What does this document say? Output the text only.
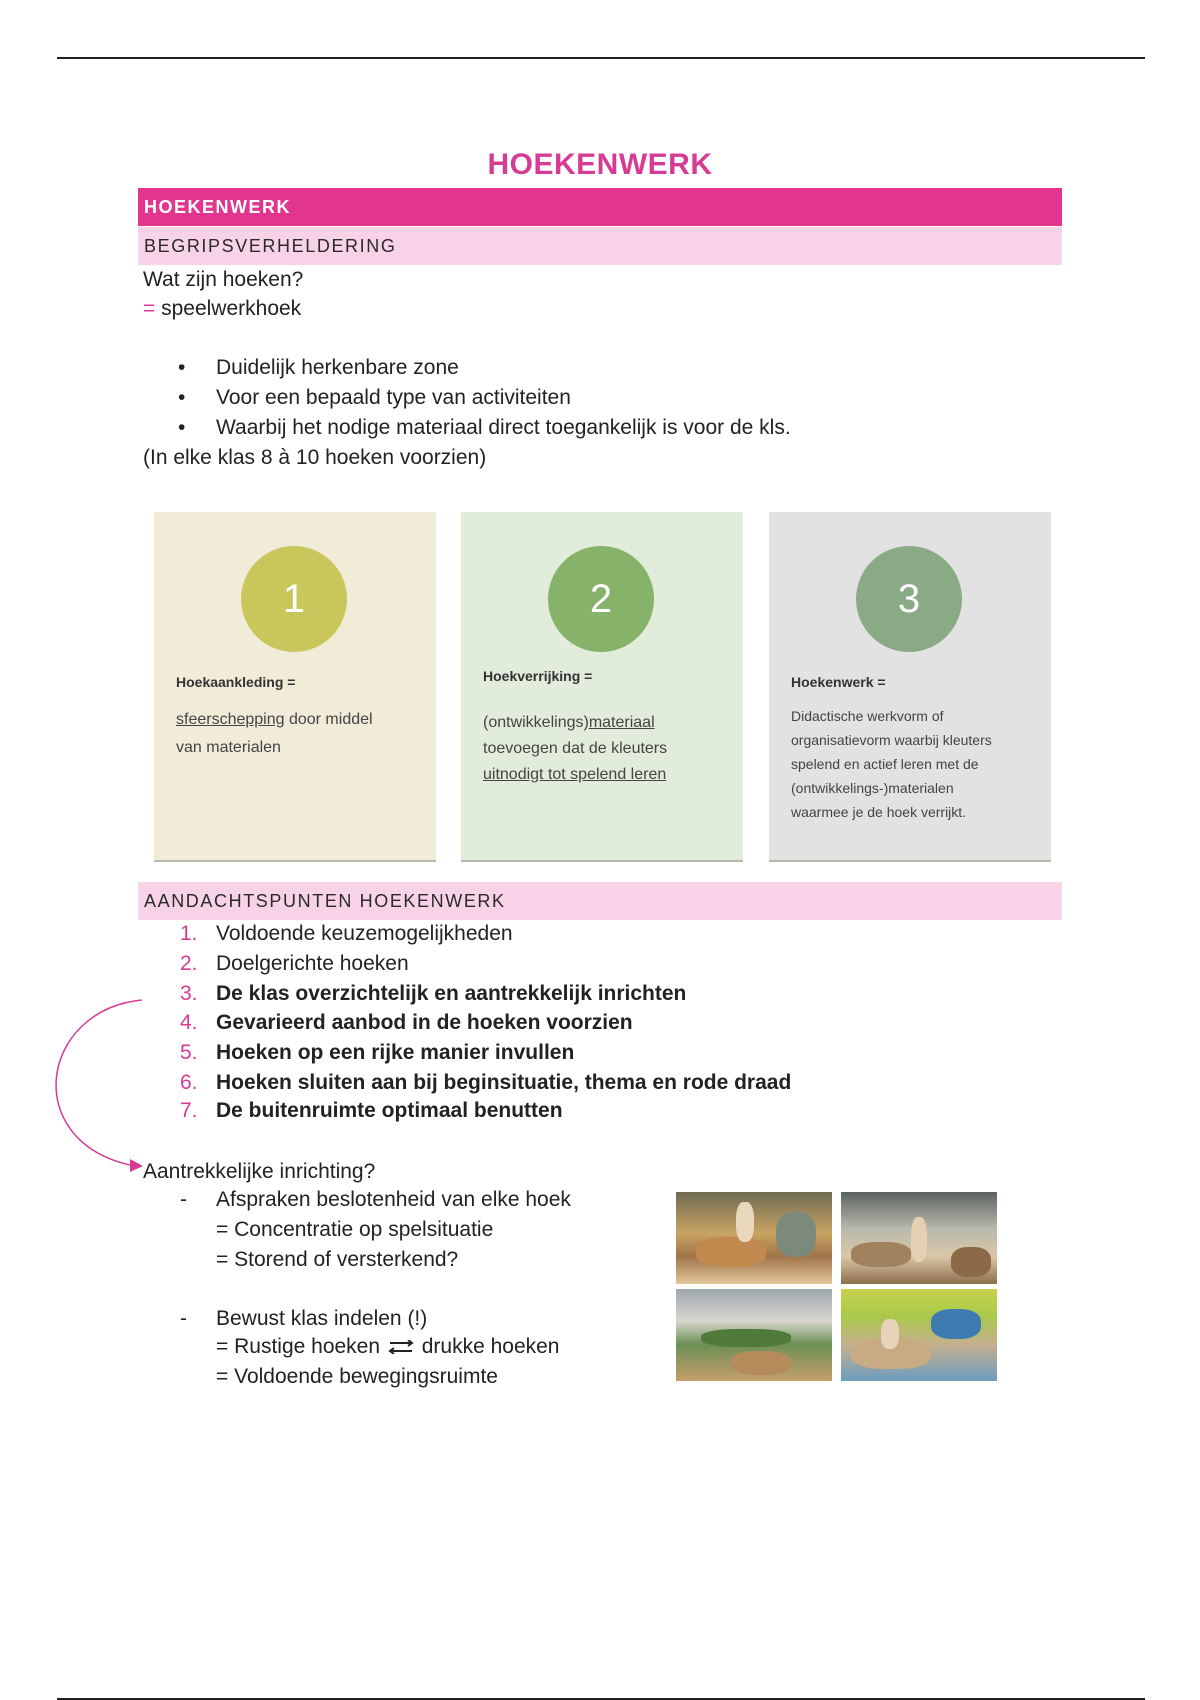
HOEKENWERK
HOEKENWERK
BEGRIPSVERHELDERING
Wat zijn hoeken?
= speelwerkhoek
• Duidelijk herkenbare zone
• Voor een bepaald type van activiteiten
• Waarbij het nodige materiaal direct toegankelijk is voor de kls.
(In elke klas 8 à 10 hoeken voorzien)
1
Hoekaankleding =
sfeerschepping door middel
van materialen
2
Hoekverrijking =
(ontwikkelings)materiaal
toevoegen dat de kleuters
uitnodigt tot spelend leren
3
Hoekenwerk =
Didactische werkvorm of
organisatievorm waarbij kleuters
spelend en actief leren met de
(ontwikkelings-)materialen
waarmee je de hoek verrijkt.
AANDACHTSPUNTEN HOEKENWERK
1. Voldoende keuzemogelijkheden
2. Doelgerichte hoeken
3. De klas overzichtelijk en aantrekkelijk inrichten
4. Gevarieerd aanbod in de hoeken voorzien
5. Hoeken op een rijke manier invullen
6. Hoeken sluiten aan bij beginsituatie, thema en rode draad
7. De buitenruimte optimaal benutten
Aantrekkelijke inrichting?
- Afspraken beslotenheid van elke hoek
= Concentratie op spelsituatie
= Storend of versterkend?
- Bewust klas indelen (!)
= Rustige hoeken  drukke hoeken
= Voldoende bewegingsruimte
